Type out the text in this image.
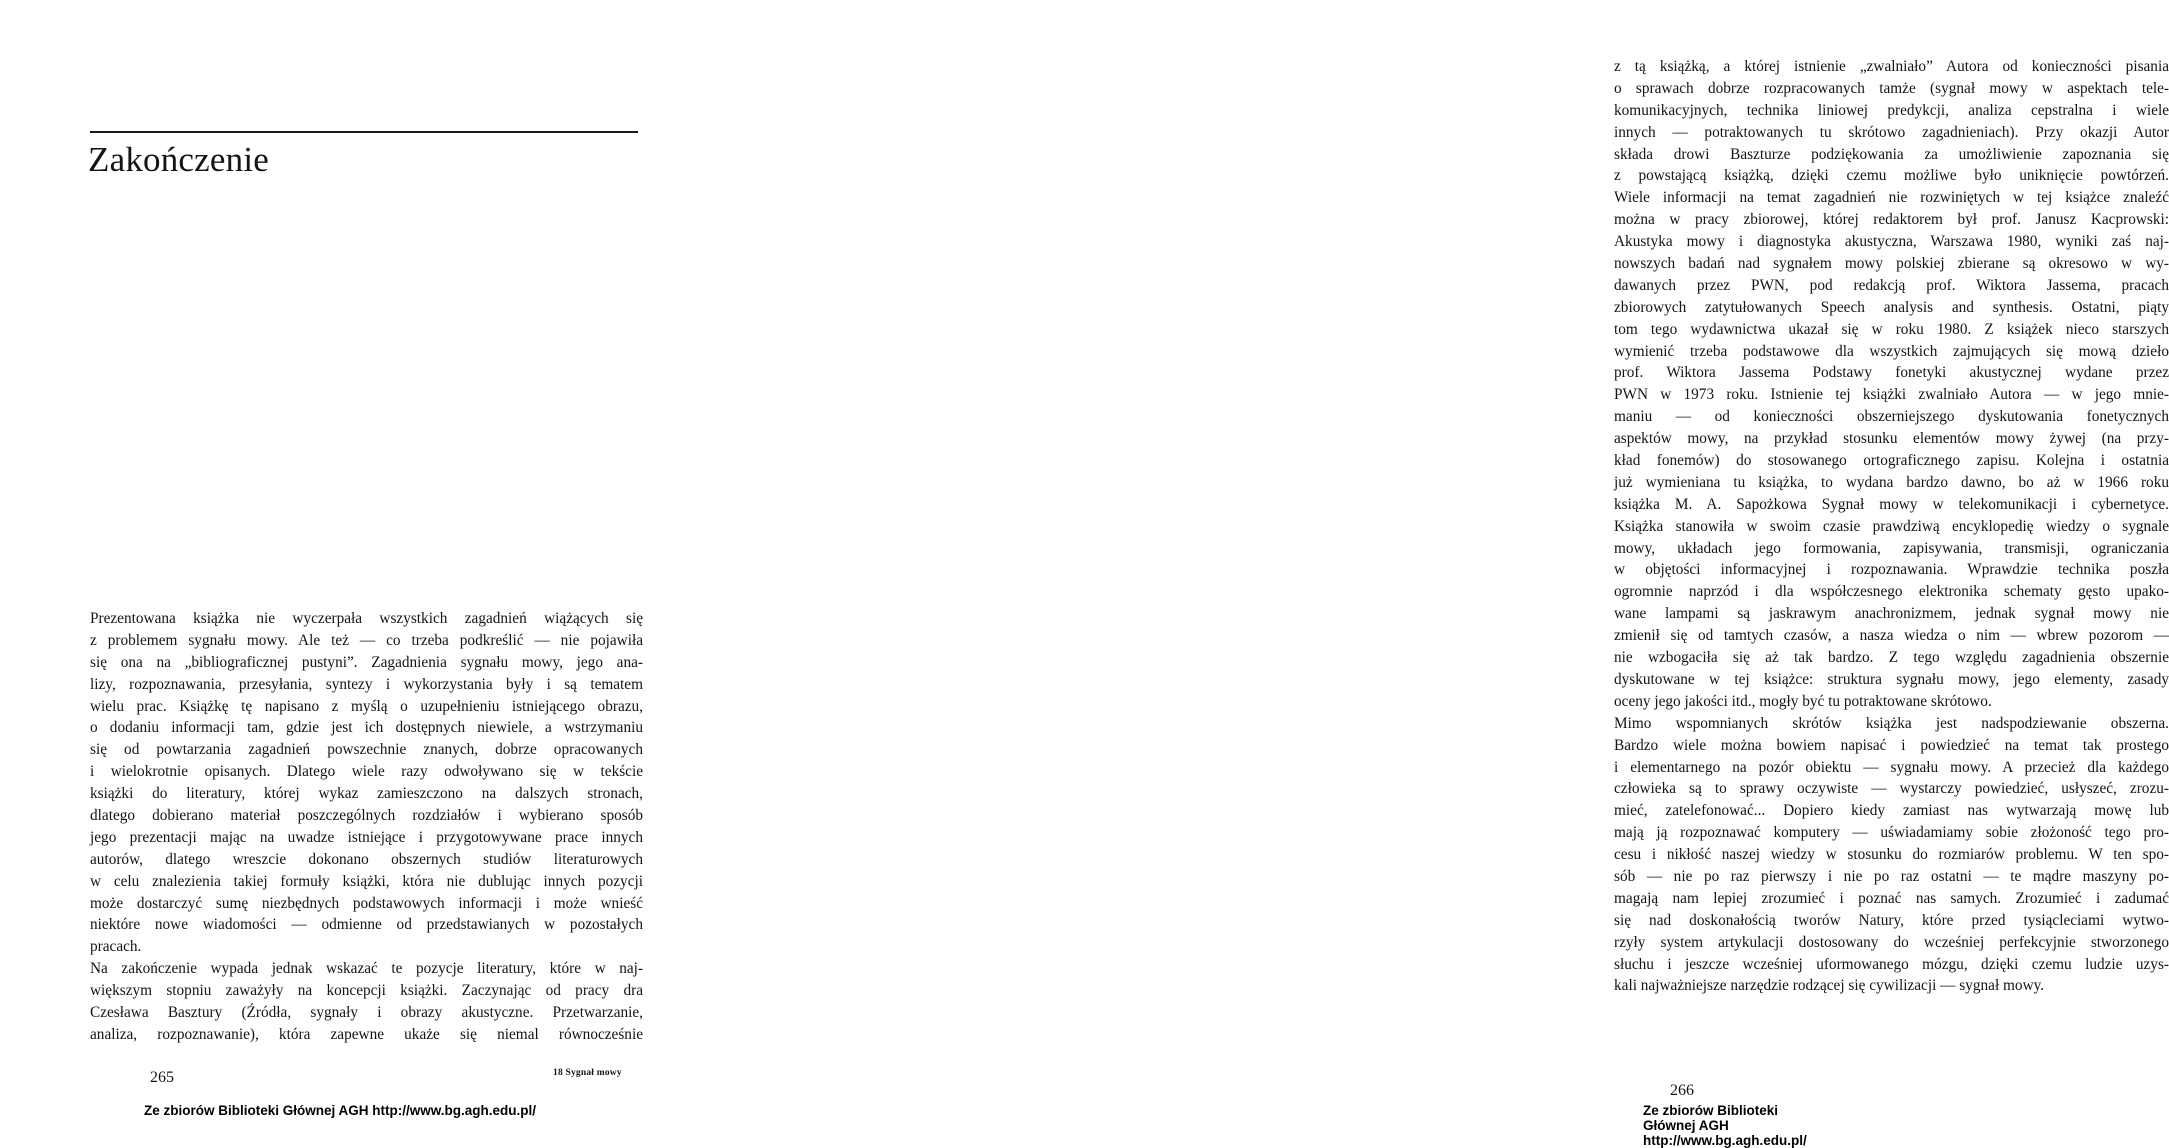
Zakończenie
Prezentowana książka nie wyczerpała wszystkich zagadnień wiążących się
z problemem sygnału mowy. Ale też — co trzeba podkreślić — nie pojawiła
się ona na „bibliograficznej pustyni”. Zagadnienia sygnału mowy, jego ana-
lizy, rozpoznawania, przesyłania, syntezy i wykorzystania były i są tematem
wielu prac. Książkę tę napisano z myślą o uzupełnieniu istniejącego obrazu,
o dodaniu informacji tam, gdzie jest ich dostępnych niewiele, a wstrzymaniu
się od powtarzania zagadnień powszechnie znanych, dobrze opracowanych
i wielokrotnie opisanych. Dlatego wiele razy odwoływano się w tekście
książki do literatury, której wykaz zamieszczono na dalszych stronach,
dlatego dobierano materiał poszczególnych rozdziałów i wybierano sposób
jego prezentacji mając na uwadze istniejące i przygotowywane prace innych
autorów, dlatego wreszcie dokonano obszernych studiów literaturowych
w celu znalezienia takiej formuły książki, która nie dublując innych pozycji
może dostarczyć sumę niezbędnych podstawowych informacji i może wnieść
niektóre nowe wiadomości — odmienne od przedstawianych w pozostałych
pracach.
Na zakończenie wypada jednak wskazać te pozycje literatury, które w naj-
większym stopniu zaważyły na koncepcji książki. Zaczynając od pracy dra
Czesława Basztury (Źródła, sygnały i obrazy akustyczne. Przetwarzanie,
analiza, rozpoznawanie), która zapewne ukaże się niemal równocześnie
265	18 Sygnał mowy
Ze zbiorów Biblioteki Głównej AGH http://www.bg.agh.edu.pl/
z tą książką, a której istnienie „zwalniało” Autora od konieczności pisania
o sprawach dobrze rozpracowanych tamże (sygnał mowy w aspektach tele-
komunikacyjnych, technika liniowej predykcji, analiza cepstralna i wiele
innych — potraktowanych tu skrótowo zagadnieniach). Przy okazji Autor
składa drowi Baszturze podziękowania za umożliwienie zapoznania się
z powstającą książką, dzięki czemu możliwe było uniknięcie powtórzeń.
Wiele informacji na temat zagadnień nie rozwiniętych w tej książce znaleźć
można w pracy zbiorowej, której redaktorem był prof. Janusz Kacprowski:
Akustyka mowy i diagnostyka akustyczna, Warszawa 1980, wyniki zaś naj-
nowszych badań nad sygnałem mowy polskiej zbierane są okresowo w wy-
dawanych przez PWN, pod redakcją prof. Wiktora Jassema, pracach
zbiorowych zatytułowanych Speech analysis and synthesis. Ostatni, piąty
tom tego wydawnictwa ukazał się w roku 1980. Z książek nieco starszych
wymienić trzeba podstawowe dla wszystkich zajmujących się mową dzieło
prof. Wiktora Jassema Podstawy fonetyki akustycznej wydane przez
PWN w 1973 roku. Istnienie tej książki zwalniało Autora — w jego mnie-
maniu — od konieczności obszerniejszego dyskutowania fonetycznych
aspektów mowy, na przykład stosunku elementów mowy żywej (na przy-
kład fonemów) do stosowanego ortograficznego zapisu. Kolejna i ostatnia
już wymieniana tu książka, to wydana bardzo dawno, bo aż w 1966 roku
książka M. A. Sapożkowa Sygnał mowy w telekomunikacji i cybernetyce.
Książka stanowiła w swoim czasie prawdziwą encyklopedię wiedzy o sygnale
mowy, układach jego formowania, zapisywania, transmisji, ograniczania
w objętości informacyjnej i rozpoznawania. Wprawdzie technika poszła
ogromnie naprzód i dla współczesnego elektronika schematy gęsto upako-
wane lampami są jaskrawym anachronizmem, jednak sygnał mowy nie
zmienił się od tamtych czasów, a nasza wiedza o nim — wbrew pozorom —
nie wzbogaciła się aż tak bardzo. Z tego względu zagadnienia obszernie
dyskutowane w tej książce: struktura sygnału mowy, jego elementy, zasady
oceny jego jakości itd., mogły być tu potraktowane skrótowo.
Mimo wspomnianych skrótów książka jest nadspodziewanie obszerna.
Bardzo wiele można bowiem napisać i powiedzieć na temat tak prostego
i elementarnego na pozór obiektu — sygnału mowy. A przecież dla każdego
człowieka są to sprawy oczywiste — wystarczy powiedzieć, usłyszeć, zrozu-
mieć, zatelefonować... Dopiero kiedy zamiast nas wytwarzają mowę lub
mają ją rozpoznawać komputery — uświadamiamy sobie złożoność tego pro-
cesu i nikłość naszej wiedzy w stosunku do rozmiarów problemu. W ten spo-
sób — nie po raz pierwszy i nie po raz ostatni — te mądre maszyny po-
magają nam lepiej zrozumieć i poznać nas samych. Zrozumieć i zadumać
się nad doskonałością tworów Natury, które przed tysiącleciami wytwo-
rzyły system artykulacji dostosowany do wcześniej perfekcyjnie stworzonego
słuchu i jeszcze wcześniej uformowanego mózgu, dzięki czemu ludzie uzys-
kali najważniejsze narzędzie rodzącej się cywilizacji — sygnał mowy.
266
Ze zbiorów Biblioteki Głównej AGH http://www.bg.agh.edu.pl/
